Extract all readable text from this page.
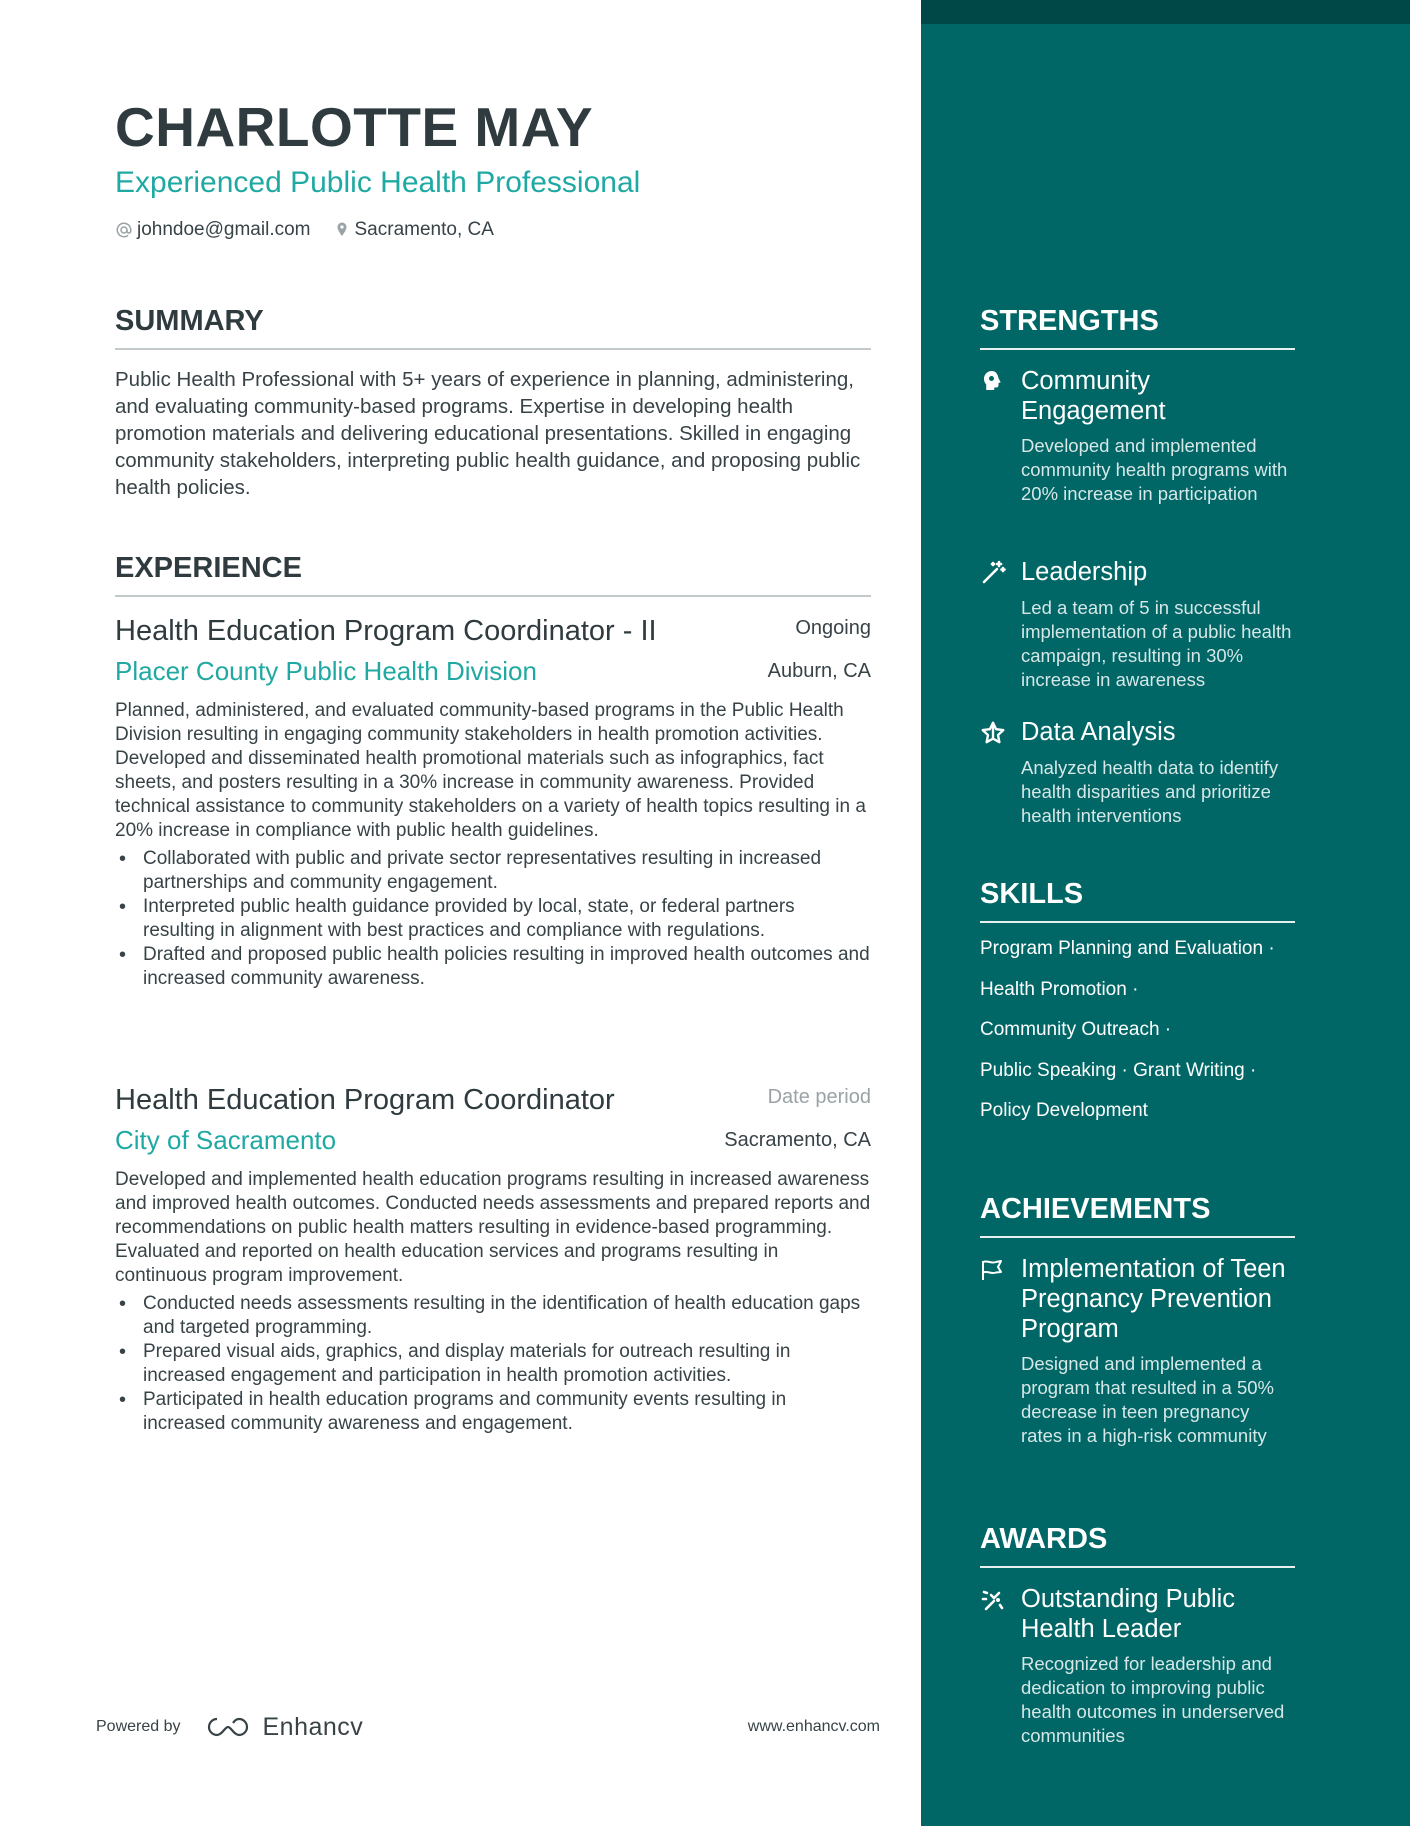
CHARLOTTE MAY
Experienced Public Health Professional
johndoe@gmail.com Sacramento, CA
SUMMARY

Public Health Professional with 5+ years of experience in planning, administering, and evaluating community-based programs. Expertise in developing health promotion materials and delivering educational presentations. Skilled in engaging community stakeholders, interpreting public health guidance, and proposing public health policies.

EXPERIENCE
Health Education Program Coordinator - II	Ongoing
Placer County Public Health Division	Auburn, CA

Planned, administered, and evaluated community-based programs in the Public Health Division resulting in engaging community stakeholders in health promotion activities. Developed and disseminated health promotional materials such as infographics, fact sheets, and posters resulting in a 30% increase in community awareness. Provided technical assistance to community stakeholders on a variety of health topics resulting in a 20% increase in compliance with public health guidelines.

• Collaborated with public and private sector representatives resulting in increased partnerships and community engagement.
• Interpreted public health guidance provided by local, state, or federal partners resulting in alignment with best practices and compliance with regulations.
• Drafted and proposed public health policies resulting in improved health outcomes and increased community awareness.
Health Education Program Coordinator	Date period
City of Sacramento	Sacramento, CA

Developed and implemented health education programs resulting in increased awareness and improved health outcomes. Conducted needs assessments and prepared reports and recommendations on public health matters resulting in evidence-based programming. Evaluated and reported on health education services and programs resulting in continuous program improvement.

• Conducted needs assessments resulting in the identification of health education gaps and targeted programming.
• Prepared visual aids, graphics, and display materials for outreach resulting in increased engagement and participation in health promotion activities.
• Participated in health education programs and community events resulting in increased community awareness and engagement.
Powered by	Enhancv	www.enhancv.com
STRENGTHS
Community Engagement

Developed and implemented community health programs with 20% increase in participation

Leadership

Led a team of 5 in successful implementation of a public health campaign, resulting in 30% increase in awareness

Data Analysis

Analyzed health data to identify health disparities and prioritize health interventions

SKILLS
Program Planning and Evaluation ·
Health Promotion ·
Community Outreach ·
Public Speaking · Grant Writing ·
Policy Development
ACHIEVEMENTS
Implementation of Teen Pregnancy Prevention Program

Designed and implemented a program that resulted in a 50% decrease in teen pregnancy rates in a high-risk community

AWARDS
Outstanding Public Health Leader

Recognized for leadership and dedication to improving public health outcomes in underserved communities
